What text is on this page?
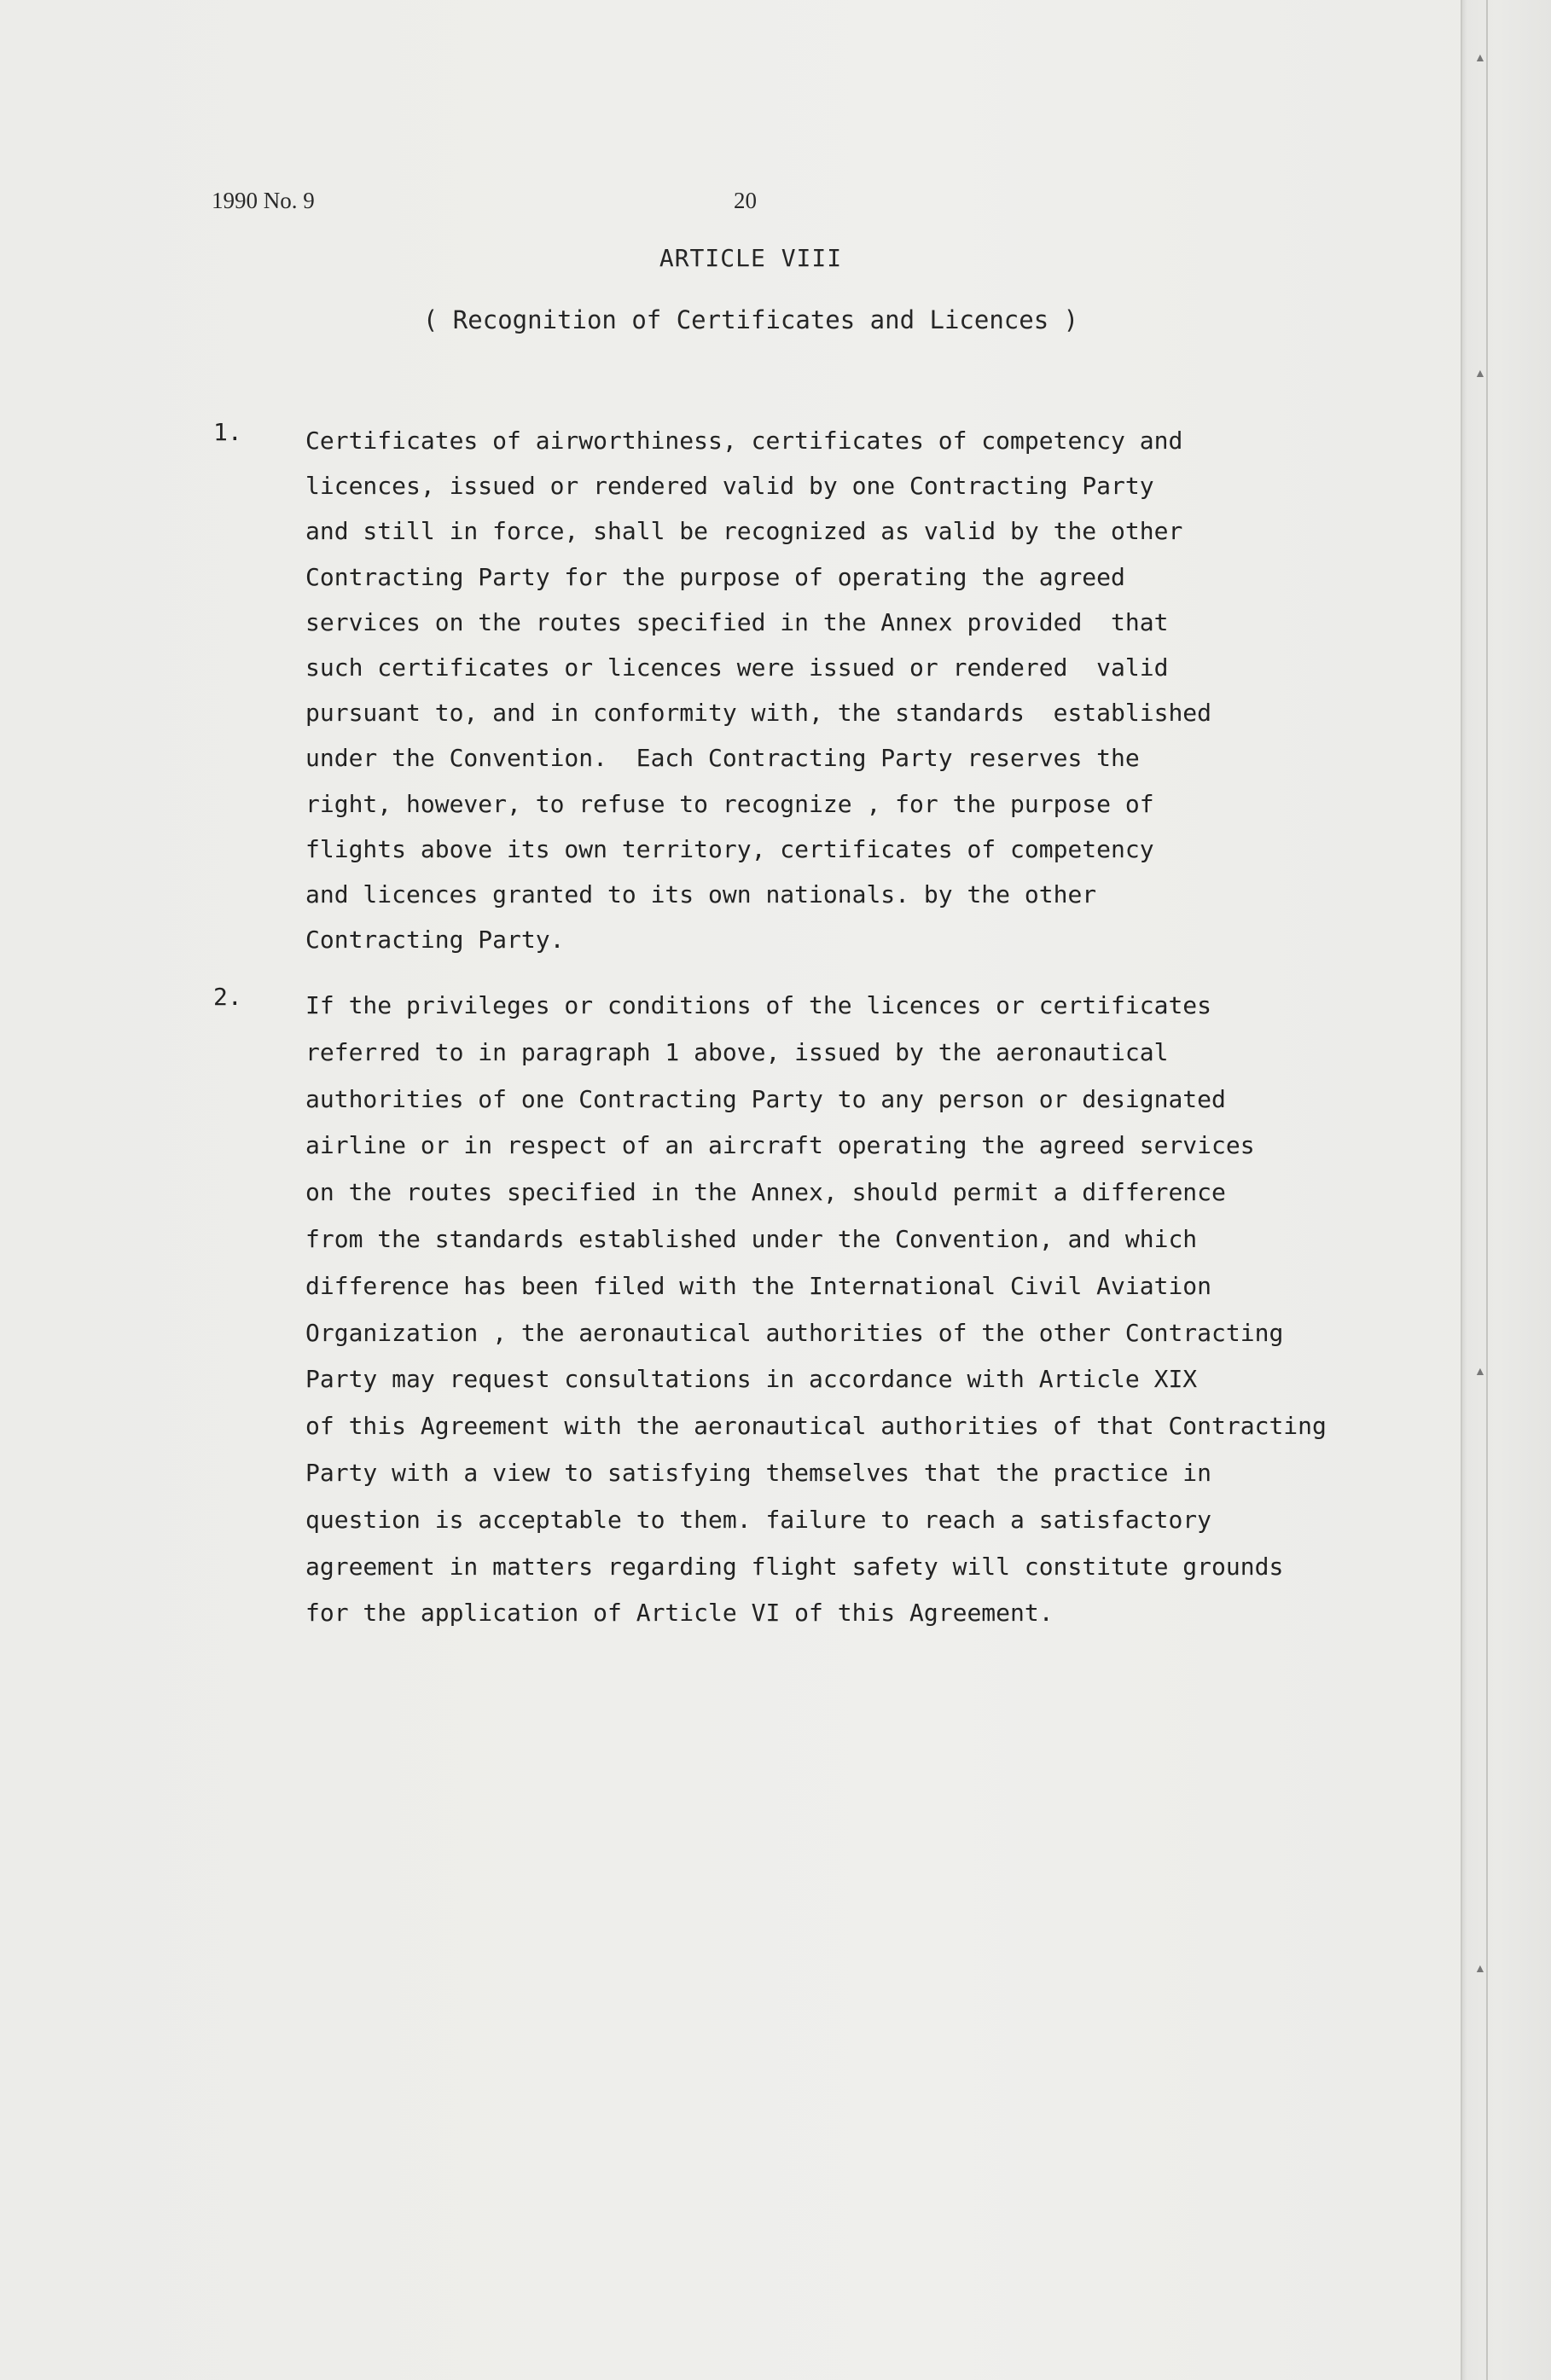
▲
▲
▲
▲
1990 No. 9	20
ARTICLE VIII
( Recognition of Certificates and Licences )
1.	Certificates of airworthiness, certificates of competency and
licences, issued or rendered valid by one Contracting Party
and still in force, shall be recognized as valid by the other
Contracting Party for the purpose of operating the agreed
services on the routes specified in the Annex provided  that
such certificates or licences were issued or rendered  valid
pursuant to, and in conformity with, the standards  established
under the Convention.  Each Contracting Party reserves the
right, however, to refuse to recognize , for the purpose of
flights above its own territory, certificates of competency
and licences granted to its own nationals. by the other
Contracting Party.
2.	If the privileges or conditions of the licences or certificates
referred to in paragraph 1 above, issued by the aeronautical
authorities of one Contracting Party to any person or designated
airline or in respect of an aircraft operating the agreed services
on the routes specified in the Annex, should permit a difference
from the standards established under the Convention, and which
difference has been filed with the International Civil Aviation
Organization , the aeronautical authorities of the other Contracting
Party may request consultations in accordance with Article XIX
of this Agreement with the aeronautical authorities of that Contracting
Party with a view to satisfying themselves that the practice in
question is acceptable to them. failure to reach a satisfactory
agreement in matters regarding flight safety will constitute grounds
for the application of Article VI of this Agreement.
